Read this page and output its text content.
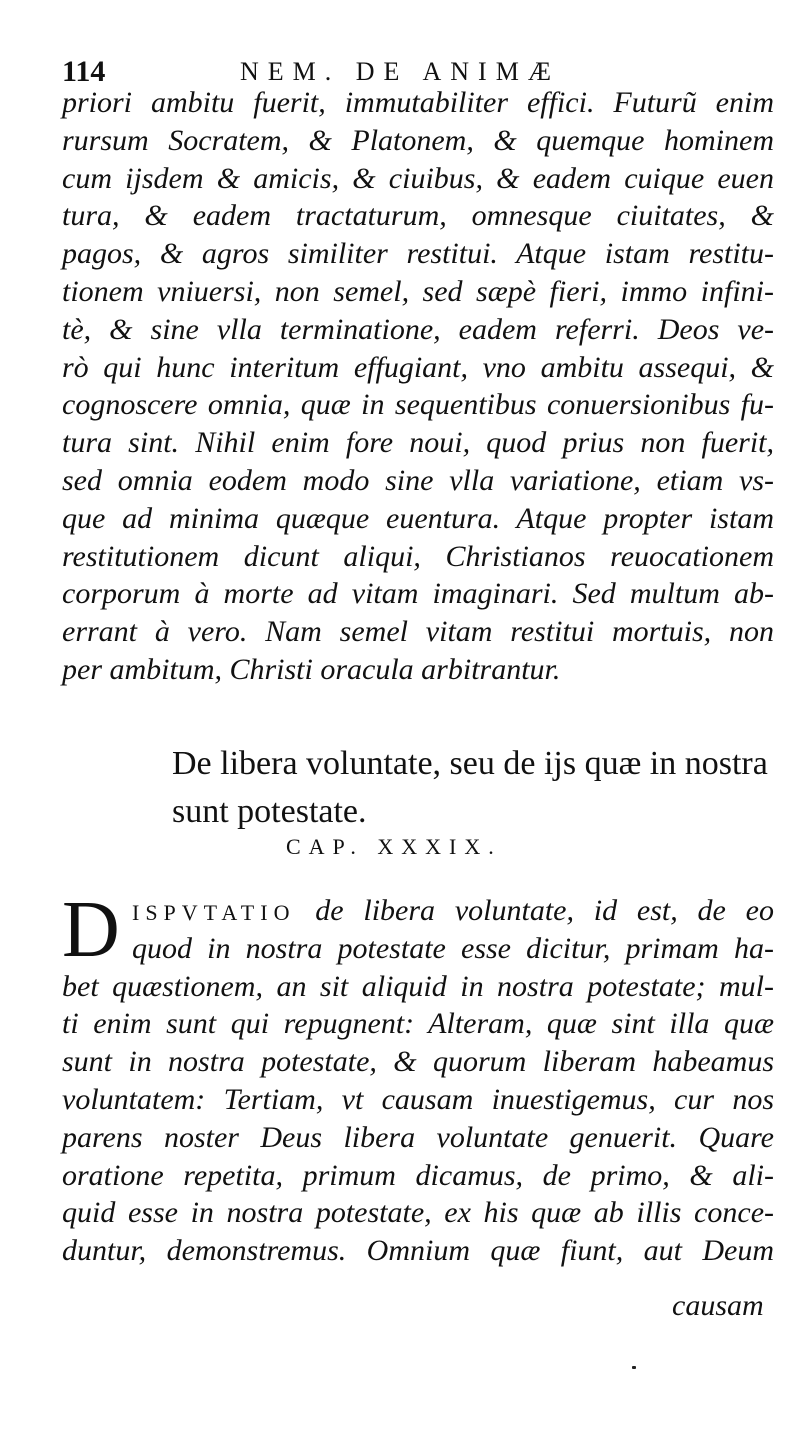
114	NEM. DE ANIMÆ
priori ambitu fuerit, immutabiliter effici. Futurũ enim
rursum Socratem, & Platonem, & quemque hominem
cum ijsdem & amicis, & ciuibus, & eadem cuique euen
tura, & eadem tractaturum, omnesque ciuitates, &
pagos, & agros similiter restitui. Atque istam restitu-
tionem vniuersi, non semel, sed sæpè fieri, immo infini-
tè, & sine vlla terminatione, eadem referri. Deos ve-
rò qui hunc interitum effugiant, vno ambitu assequi, &
cognoscere omnia, quæ in sequentibus conuersionibus fu-
tura sint. Nihil enim fore noui, quod prius non fuerit,
sed omnia eodem modo sine vlla variatione, etiam vs-
que ad minima quæque euentura. Atque propter istam
restitutionem dicunt aliqui, Christianos reuocationem
corporum à morte ad vitam imaginari. Sed multum ab-
errant à vero. Nam semel vitam restitui mortuis, non
per ambitum, Christi oracula arbitrantur.
De libera voluntate, seu de ijs quæ in nostra
sunt potestate.
CAP. XXXIX.
D ISPVTATIO de libera voluntate, id est, de eo
quod in nostra potestate esse dicitur, primam ha-
bet quæstionem, an sit aliquid in nostra potestate; mul-
ti enim sunt qui repugnent: Alteram, quæ sint illa quæ
sunt in nostra potestate, & quorum liberam habeamus
voluntatem: Tertiam, vt causam inuestigemus, cur nos
parens noster Deus libera voluntate genuerit. Quare
oratione repetita, primum dicamus, de primo, & ali-
quid esse in nostra potestate, ex his quæ ab illis conce-
duntur, demonstremus. Omnium quæ fiunt, aut Deum
causam
